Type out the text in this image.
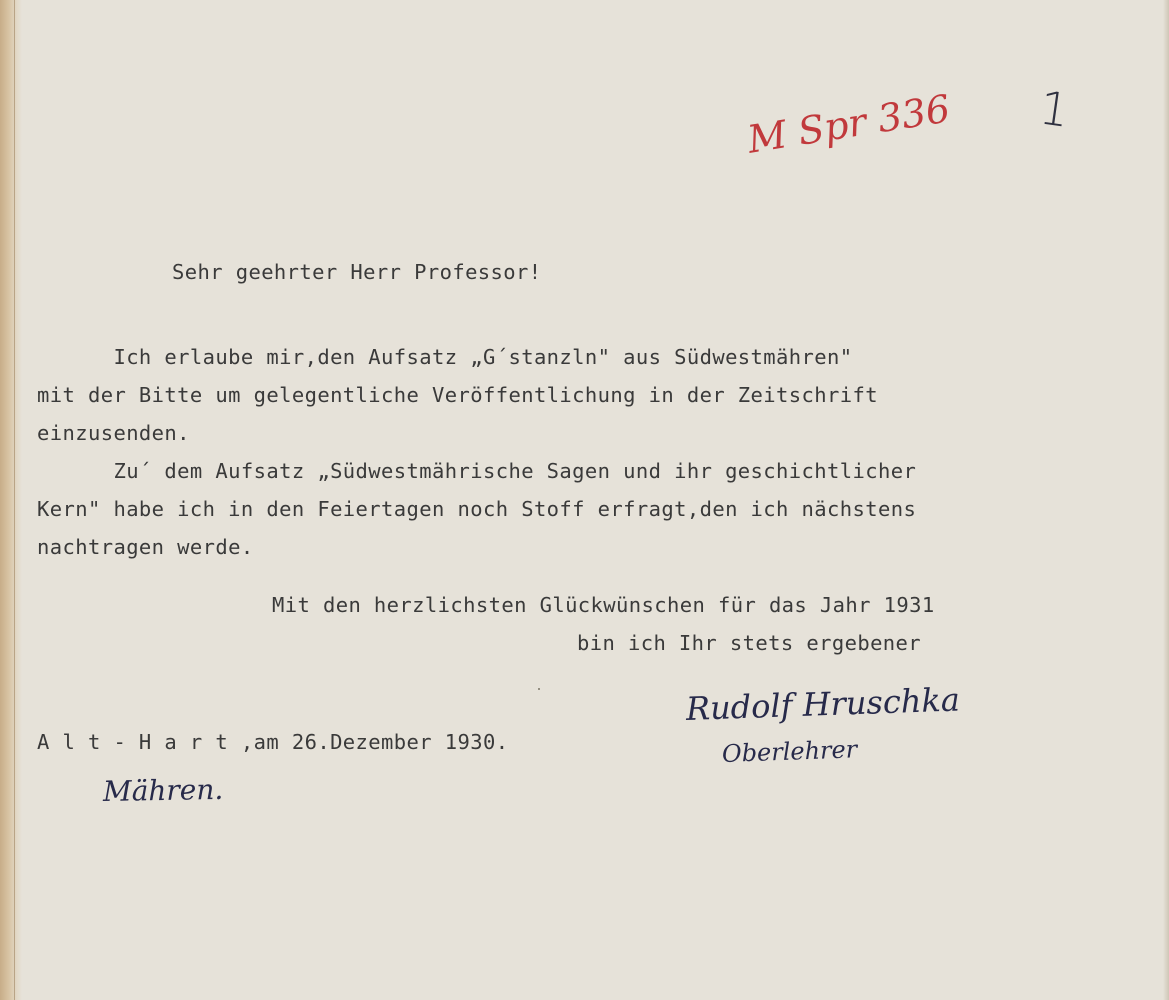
M Spr 336 1

Sehr geehrter Herr Professor!

Ich erlaube mir,den Aufsatz „G´stanzln" aus Südwestmähren"

mit der Bitte um gelegentliche Veröffentlichung in der Zeitschrift

einzusenden.

Zu´ dem Aufsatz „Südwestmährische Sagen und ihr geschichtlicher

Kern" habe ich in den Feiertagen noch Stoff erfragt,den ich nächstens

nachtragen werde.

Mit den herzlichsten Glückwünschen für das Jahr 1931

bin ich Ihr stets ergebener

Rudolf Hruschka
Oberlehrer

A l t - H a r t ,am 26.Dezember 1930.

Mähren.
